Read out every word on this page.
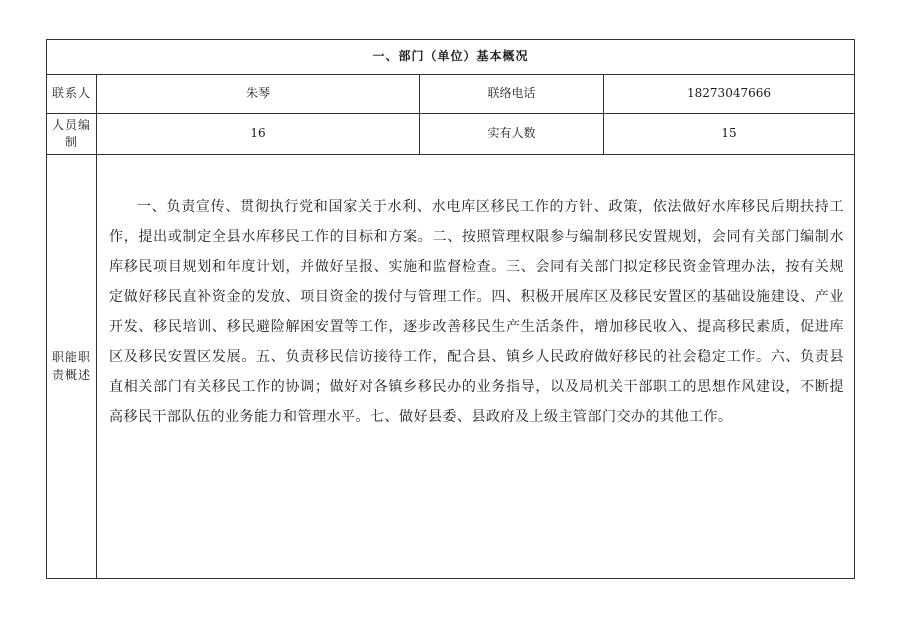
一、部门（单位）基本概况			
联系人	朱琴	联络电话	18273047666
人员编制	16	实有人数	15
职能职责概述	一、负责宣传、贯彻执行党和国家关于水利、水电库区移民工作的方针、政策，依法做好水库移民后期扶持工作，提出或制定全县水库移民工作的目标和方案。二、按照管理权限参与编制移民安置规划，会同有关部门编制水库移民项目规划和年度计划，并做好呈报、实施和监督检查。三、会同有关部门拟定移民资金管理办法，按有关规定做好移民直补资金的发放、项目资金的拨付与管理工作。四、积极开展库区及移民安置区的基础设施建设、产业开发、移民培训、移民避险解困安置等工作，逐步改善移民生产生活条件，增加移民收入、提高移民素质，促进库区及移民安置区发展。五、负责移民信访接待工作，配合县、镇乡人民政府做好移民的社会稳定工作。六、负责县直相关部门有关移民工作的协调；做好对各镇乡移民办的业务指导，以及局机关干部职工的思想作风建设，不断提高移民干部队伍的业务能力和管理水平。七、做好县委、县政府及上级主管部门交办的其他工作。		
